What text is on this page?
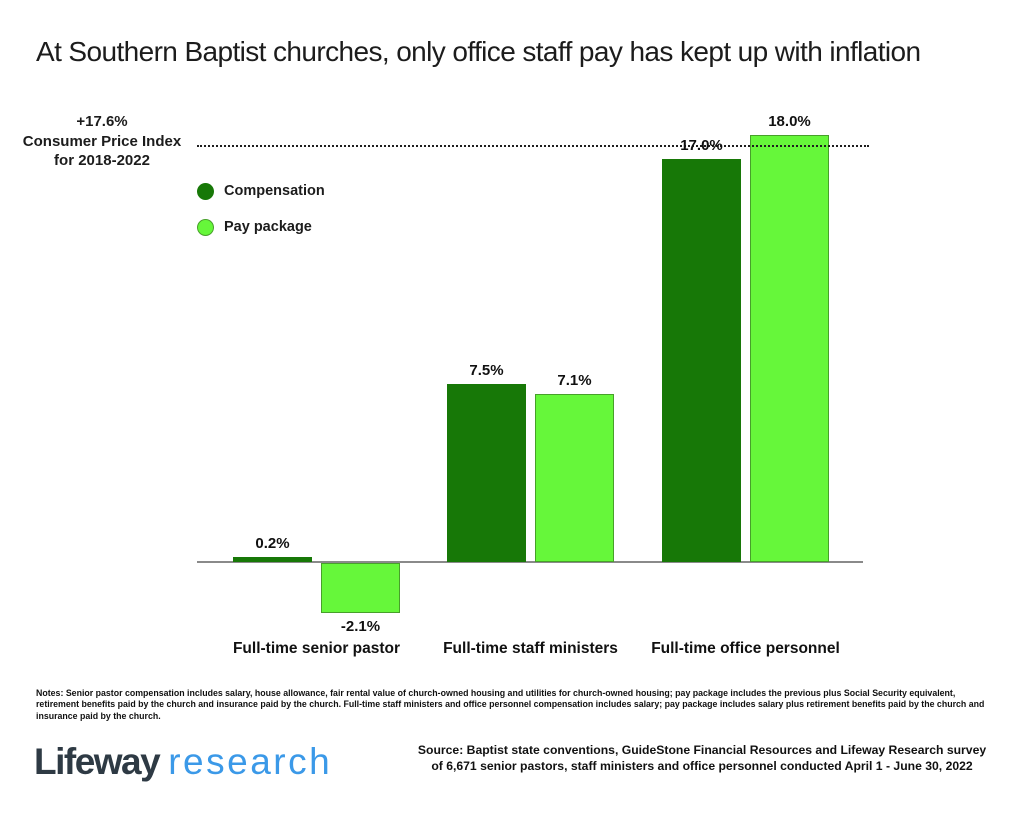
At Southern Baptist churches, only office staff pay has kept up with inflation
+17.6%
Consumer Price Index
for 2018-2022
Compensation
Pay package
0.2%
-2.1%
Full-time senior pastor
7.5%
7.1%
Full-time staff ministers
17.0%
18.0%
Full-time office personnel
Notes: Senior pastor compensation includes salary, house allowance, fair rental value of church-owned housing and utilities for church-owned housing; pay package includes the previous plus Social Security equivalent, retirement benefits paid by the church and insurance paid by the church. Full-time staff ministers and office personnel compensation includes salary; pay package includes salary plus retirement benefits paid by the church and insurance paid by the church.
Lifeway research	Source: Baptist state conventions, GuideStone Financial Resources and Lifeway Research survey
of 6,671 senior pastors, staff ministers and office personnel conducted April 1 - June 30, 2022
